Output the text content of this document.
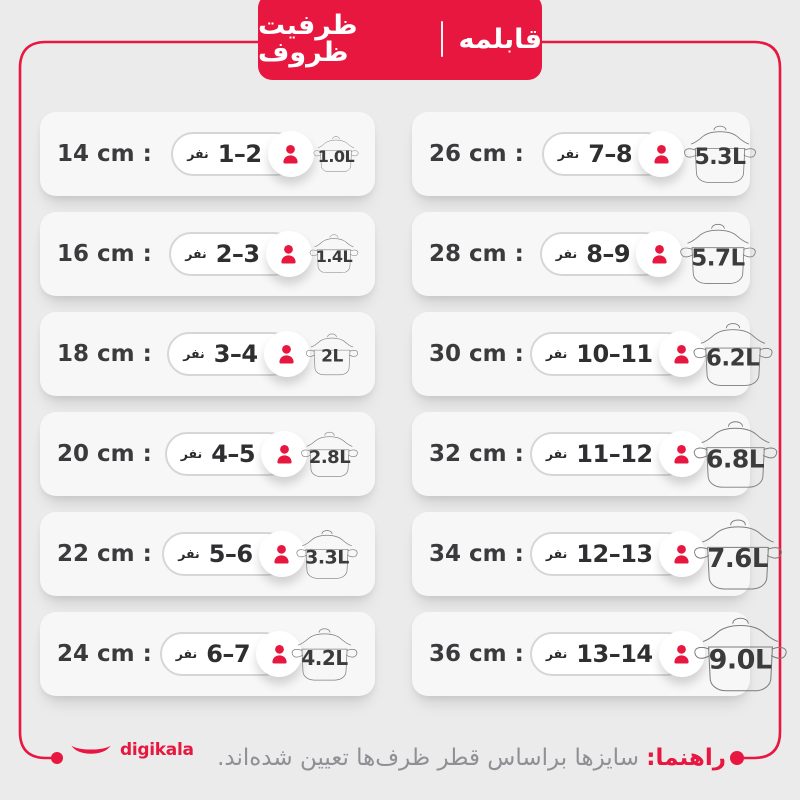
ظرفیت ظروف	قابلمه
14 cm :	نفر 1–2	1.0L
16 cm :	نفر 2–3	1.4L
18 cm :	نفر 3–4	2L
20 cm : نفر 4–5	2.8L
22 cm : نفر 5–6	3.3L
24 cm : نفر 6–7	4.2L
26 cm :	نفر 7–8	5.3L
28 cm :	نفر 8–9	5.7L
30 cm : نفر 10–11 6.2L
32 cm : نفر 11–12 6.8L
34 cm : نفر 12–13 7.6L
36 cm : نفر 13–14 9.0L
راهنما: سایزها براساس قطر ظرف‌ها تعیین شده‌اند.
digikala
